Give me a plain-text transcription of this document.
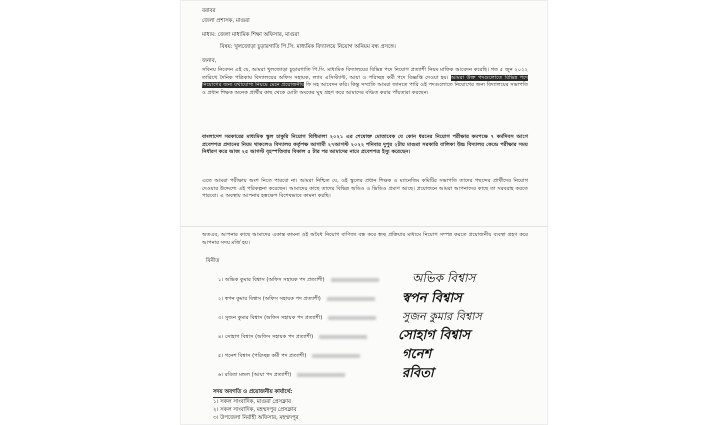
বরাবর
জেলা প্রশাসক, মাগুরা
মাধ্যম: জেলা মাধ্যমিক শিক্ষা অফিসার, মাগুরা
বিষয়: খুলজোড়া চুড়ারগাতি পি.সি. মাধ্যমিক বিদ্যালয়ে নিয়োগ অনিয়ম বন্ধ প্রসঙ্গে।
জনাব,
সবিনয় নিবেদন এই যে, আমরা খুলজোড়া চুড়ারগাতি পি.সি. মাধ্যমিক বিদ্যালয়ের বিভিন্ন পদে নিয়োগ প্রত্যাশী নিয়ম মাফিক আবেদন করেছি। গত ৫ জুন ২০২২ তারিখে দৈনিক পত্রিকায় বিদ্যালয়ের অফিস সহায়ক, ল্যাব এসিস্ট্যান্ট, আয়া ও পরিচ্ছন্ন কর্মী পদে বিজ্ঞপ্তি দেওয়া হয়। আমরা উক্ত পদগুলোতে বিভিন্ন পদে নিয়োগের জন্য যথাযোগ্য নিয়মে মেনে প্রয়োজনীয় ফি সহ আবেদন করি। কিন্তু সম্প্রতি আমরা জানতে পারি ওই পদগুলোতে নিয়োগের জন্য বিদ্যালয়ের সভাপতি ও প্রধান শিক্ষক অনেক প্রার্থীর কাছ থেকে মোটা অংকের ঘুষ গ্রহণ করে আমাদের বঞ্চিত করার পাঁয়তারা করছেন।
বাংলাদেশ সরকারের মাধ্যমিক স্কুল চাকুরি নিয়োগ বিধিমালা ২০২১ এর শেষোক্ত মোতাবেক যে কোন ধরনের নিয়োগ পরীক্ষার কমপক্ষে ৭ কর্মদিবস আগে প্রবেশপত্র প্রদানের নিয়ম থাকলেও বিদ্যালয় কর্তৃপক্ষ আগামী ২৭আগস্ট ২০২২ শনিবার দুপুর ২টায় মাগুরা সরকারি বালিকা উচ্চ বিদ্যালয় কেন্দ্রে পরীক্ষার সময় নির্ধারণ করে আজ ২৫ আগস্ট বৃহস্পতিবার বিকাল ৫ টার পর আমাদের নামে প্রবেশপত্র ইস্যু করেছেন।
এতে আমরা পরীক্ষায় অংশ নিতে পারবো না। আমরা নিশ্চিত যে, ওই স্কুলের প্রধান শিক্ষক ও ম্যানেজিং কমিটির সভাপতি তাদের পছন্দের প্রার্থীদের নিয়োগ দেওয়ার উদ্দেশ্যে এই পরিকল্পনা করেছেন। আমাদের কাছে তাদের বিভিন্ন অডিও ও ভিডিও প্রমাণ আছে। প্রয়োজনে আমরা আপনাদের কাছে তা সরবরাহ করতে পারবো। এ অবস্থায় আপনার হস্তক্ষেপ বিশেষভাবে কামনা করছি।
অতএব, আপনার কাছে আমাদের একান্ত কামনা ওই অবৈধ নিয়োগ বাণিজ্য বন্ধ করে স্বচ্ছ প্রক্রিয়ার মাধ্যমে নিয়োগ সম্পন্ন করতে প্রয়োজনীয় ব্যবস্থা গ্রহণ করে আপনার সদয় মর্জি হয়।
বিনীত
১। অভিক কুমার বিশ্বাস (অফিস সহায়ক পদ প্রত্যাশী)	অভিক বিশ্বাস
২। স্বপন কুমার বিশ্বাস (অফিস সহায়ক পদ প্রত্যাশী)	স্বপন বিশ্বাস
৩। সুজন কুমার বিশ্বাস (অফিস সহায়ক পদ প্রত্যাশী)	সুজন কুমার বিশ্বাস
৪। সোহাগ বিশ্বাস (অফিস সহায়ক পদ প্রত্যাশী)	সোহাগ বিশ্বাস
৫। গনেশ বিশ্বাস (পরিচ্ছন্ন কর্মী পদ প্রত্যাশী)	গনেশ
৬। রবিতা মন্ডল (আয়া পদ প্রত্যাশী)	রবিতা
সদয় অবগতি ও প্রয়োজনীয় কার্যার্থে:
১। সকল সাংবাদিক, মাগুরা প্রেসক্লাব
২। সকল সাংবাদিক, মহম্মদপুর প্রেসক্লাব
৩। উপজেলা নির্বাহী অফিসার, মহম্মদপুর
